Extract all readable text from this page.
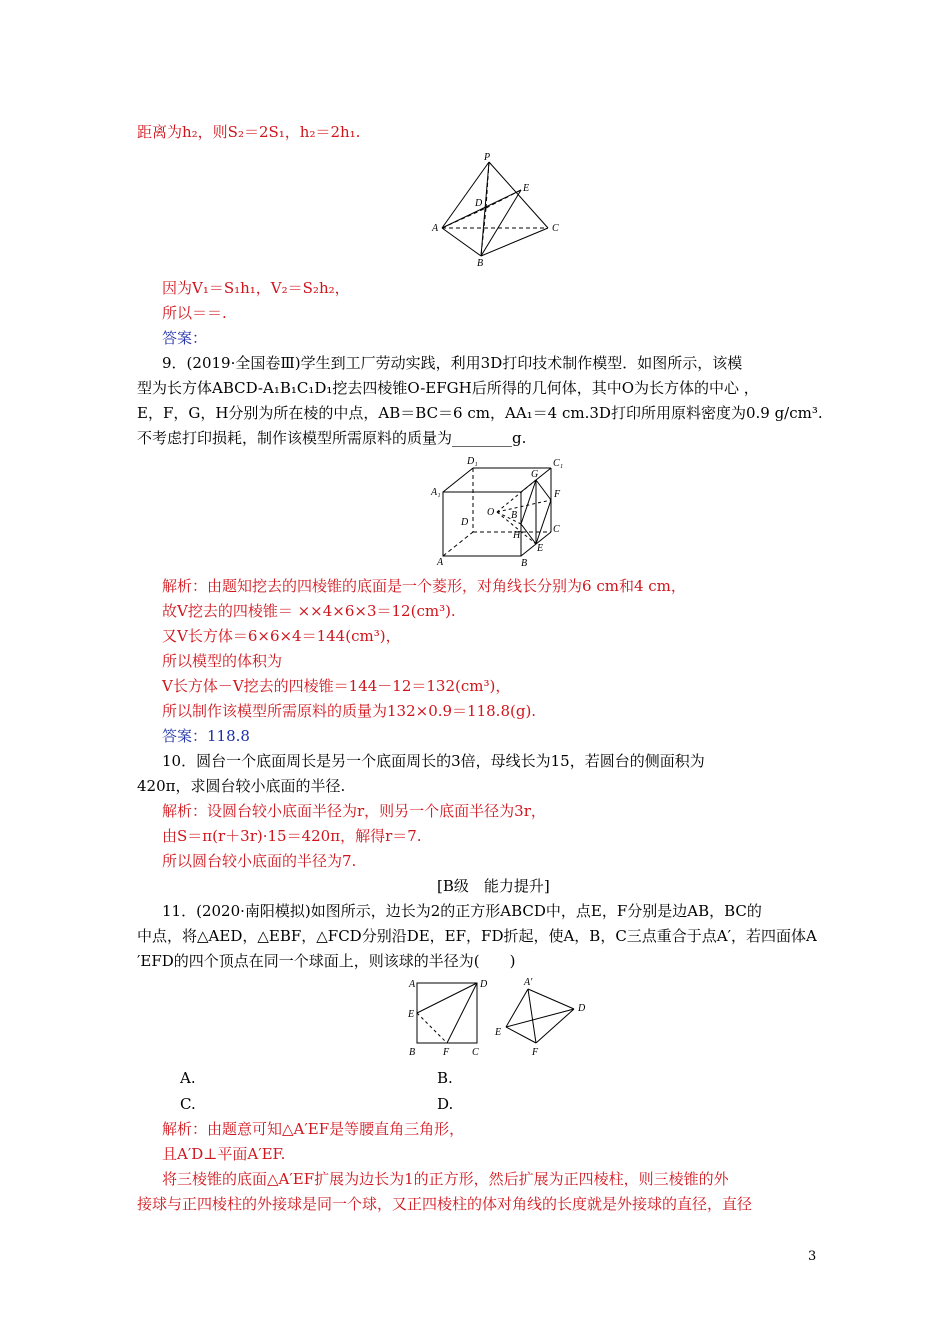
距离为h₂，则S₂＝2S₁，h₂＝2h₁.
P
E
D
A	C
B
因为V₁＝S₁h₁，V₂＝S₂h₂，
所以＝＝.
答案：
9．(2019·全国卷Ⅲ)学生到工厂劳动实践，利用3D打印技术制作模型．如图所示，该模
型为长方体ABCD-A₁B₁C₁D₁挖去四棱锥O-EFGH后所得的几何体，其中O为长方体的中心 ，
E，F，G，H分别为所在棱的中点，AB＝BC＝6 cm，AA₁＝4 cm.3D打印所用原料密度为0.9 g/cm³.
不考虑打印损耗，制作该模型所需原料的质量为________g.
D₁	C₁
G
A₁	F
O B
D
C
H
E
A	B
解析：由题知挖去的四棱锥的底面是一个菱形，对角线长分别为6 cm和4 cm，
故V挖去的四棱锥＝ ××4×6×3＝12(cm³).
又V长方体＝6×6×4＝144(cm³)，
所以模型的体积为
V长方体－V挖去的四棱锥＝144－12＝132(cm³)，
所以制作该模型所需原料的质量为132×0.9＝118.8(g).
答案：118.8
10．圆台一个底面周长是另一个底面周长的3倍，母线长为15，若圆台的侧面积为
420π，求圆台较小底面的半径.
解析：设圆台较小底面半径为r，则另一个底面半径为3r，
由S＝π(r＋3r)·15＝420π，解得r＝7.
所以圆台较小底面的半径为7.
[B级　能力提升]
11．(2020·南阳模拟)如图所示，边长为2的正方形ABCD中，点E，F分别是边AB，BC的
中点，将△AED，△EBF，△FCD分别沿DE，EF，FD折起，使A，B，C三点重合于点A′，若四面体A
′EFD的四个顶点在同一个球面上，则该球的半径为(　　)
A	D
E
B	F C
A′
D
E
F
A.	B.
C.	D.
解析：由题意可知△A′EF是等腰直角三角形，
且A′D⊥平面A′EF.
将三棱锥的底面△A′EF扩展为边长为1的正方形，然后扩展为正四棱柱，则三棱锥的外
接球与正四棱柱的外接球是同一个球，又正四棱柱的体对角线的长度就是外接球的直径，直径
3
